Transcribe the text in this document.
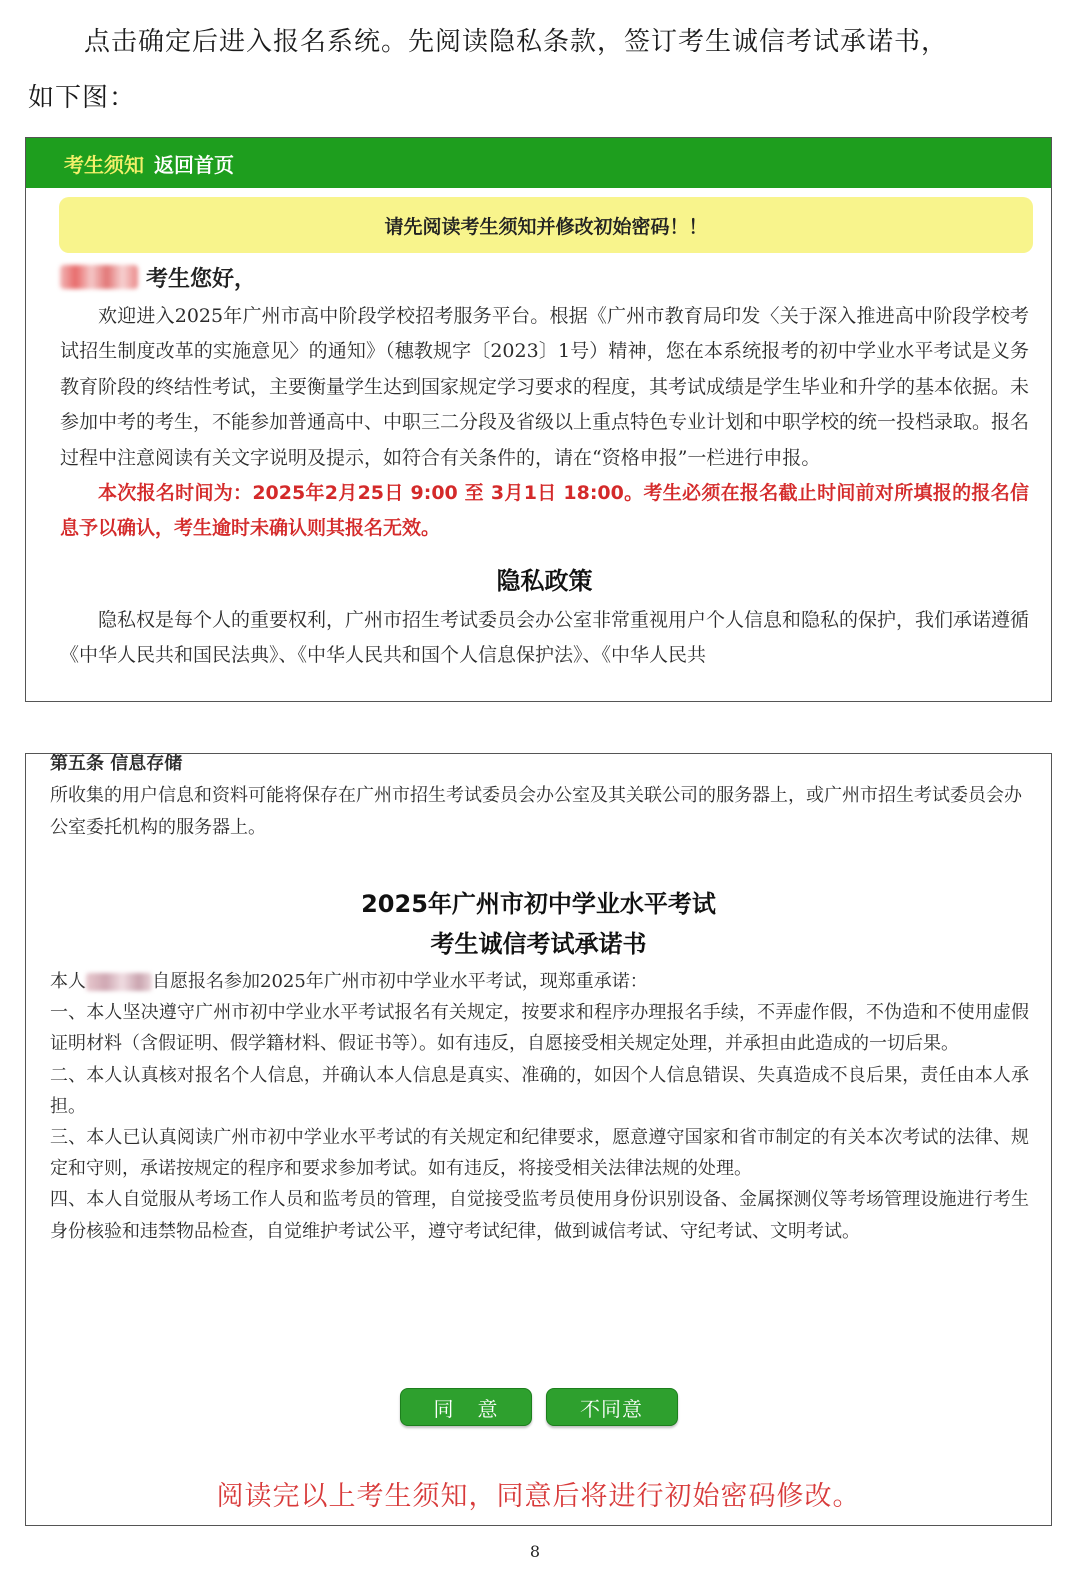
点击确定后进入报名系统。先阅读隐私条款，签订考生诚信考试承诺书，
如下图：
考生须知 返回首页
请先阅读考生须知并修改初始密码！！
考生您好，

欢迎进入2025年广州市高中阶段学校招考服务平台。根据《广州市教育局印发〈关于深入推进高中阶段学校考试招生制度改革的实施意见〉的通知》（穗教规字〔2023〕1号）精神，您在本系统报考的初中学业水平考试是义务教育阶段的终结性考试，主要衡量学生达到国家规定学习要求的程度，其考试成绩是学生毕业和升学的基本依据。未参加中考的考生，不能参加普通高中、中职三二分段及省级以上重点特色专业计划和中职学校的统一投档录取。报名过程中注意阅读有关文字说明及提示，如符合有关条件的，请在“资格申报”一栏进行申报。

本次报名时间为：2025年2月25日 9:00 至 3月1日 18:00。考生必须在报名截止时间前对所填报的报名信息予以确认，考生逾时未确认则其报名无效。

隐私政策

隐私权是每个人的重要权利，广州市招生考试委员会办公室非常重视用户个人信息和隐私的保护，我们承诺遵循《中华人民共和国民法典》、《中华人民共和国个人信息保护法》、《中华人民共

第五条 信息存储
所收集的用户信息和资料可能将保存在广州市招生考试委员会办公室及其关联公司的服务器上，或广州市招生考试委员会办公室委托机构的服务器上。
2025年广州市初中学业水平考试
考生诚信考试承诺书
本人	自愿报名参加2025年广州市初中学业水平考试，现郑重承诺：
一、本人坚决遵守广州市初中学业水平考试报名有关规定，按要求和程序办理报名手续，不弄虚作假，不伪造和不使用虚假证明材料（含假证明、假学籍材料、假证书等）。如有违反，自愿接受相关规定处理，并承担由此造成的一切后果。
二、本人认真核对报名个人信息，并确认本人信息是真实、准确的，如因个人信息错误、失真造成不良后果，责任由本人承担。
三、本人已认真阅读广州市初中学业水平考试的有关规定和纪律要求，愿意遵守国家和省市制定的有关本次考试的法律、规定和守则，承诺按规定的程序和要求参加考试。如有违反，将接受相关法律法规的处理。
四、本人自觉服从考场工作人员和监考员的管理，自觉接受监考员使用身份识别设备、金属探测仪等考场管理设施进行考生身份核验和违禁物品检查，自觉维护考试公平，遵守考试纪律，做到诚信考试、守纪考试、文明考试。
同意	不同意
阅读完以上考生须知，同意后将进行初始密码修改。
8
